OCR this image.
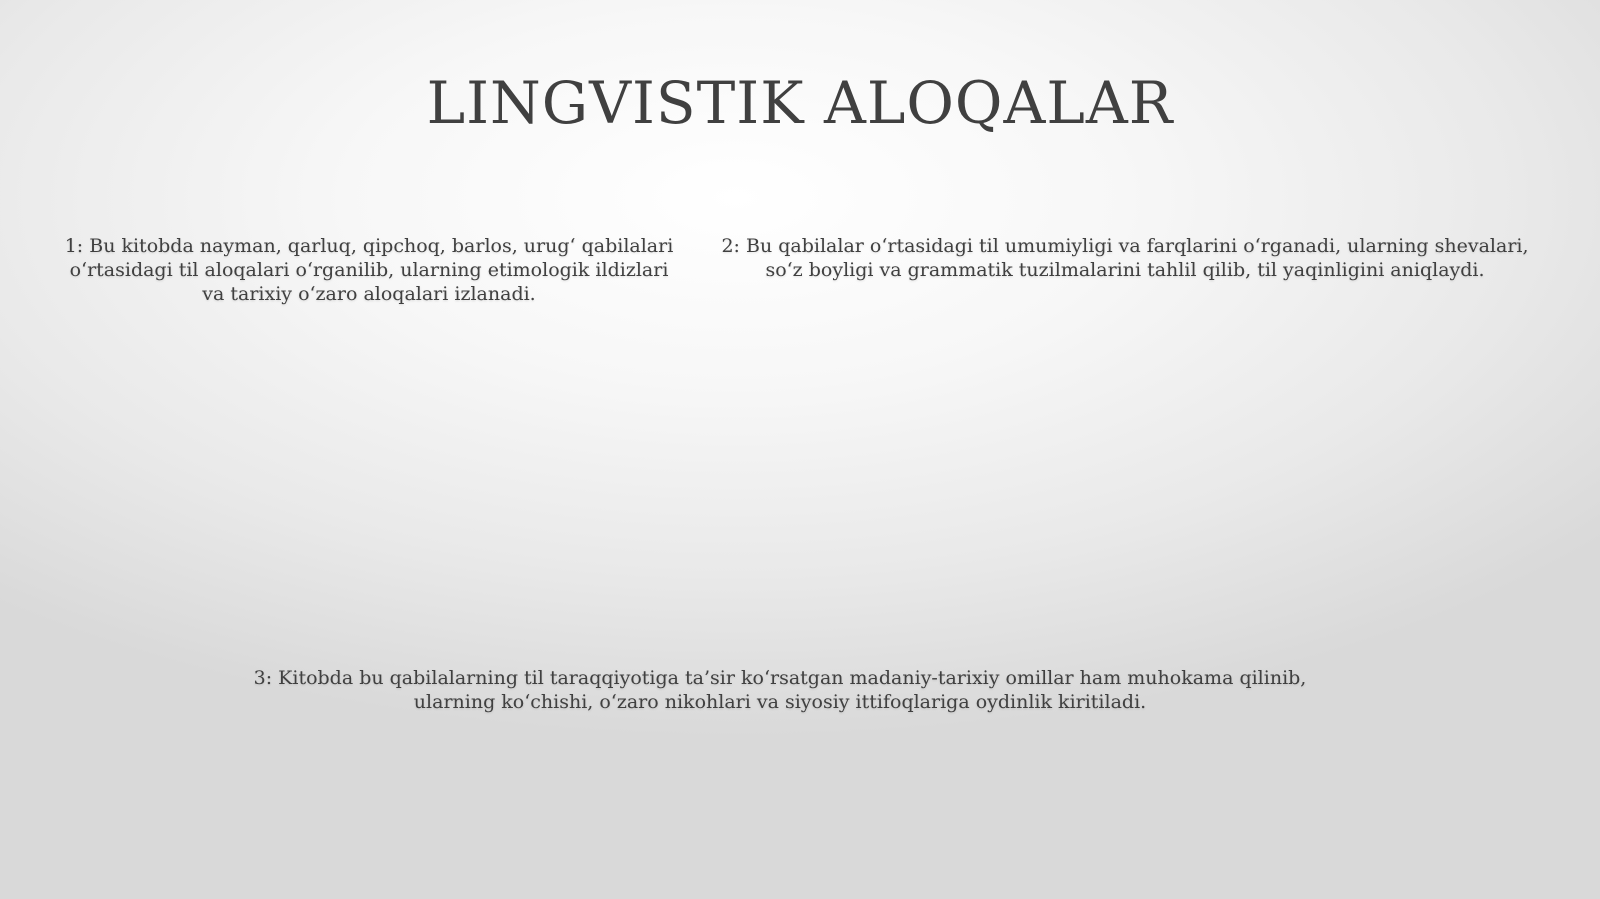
LINGVISTIK ALOQALAR
1: Bu kitobda nayman, qarluq, qipchoq, barlos, urug‘ qabilalari o‘rtasidagi til aloqalari o‘rganilib, ularning etimologik ildizlari va tarixiy o‘zaro aloqalari izlanadi.
2: Bu qabilalar o‘rtasidagi til umumiyligi va farqlarini o‘rganadi, ularning shevalari, so‘z boyligi va grammatik tuzilmalarini tahlil qilib, til yaqinligini aniqlaydi.
3: Kitobda bu qabilalarning til taraqqiyotiga ta’sir ko‘rsatgan madaniy-tarixiy omillar ham muhokama qilinib, ularning ko‘chishi, o‘zaro nikohlari va siyosiy ittifoqlariga oydinlik kiritiladi.
